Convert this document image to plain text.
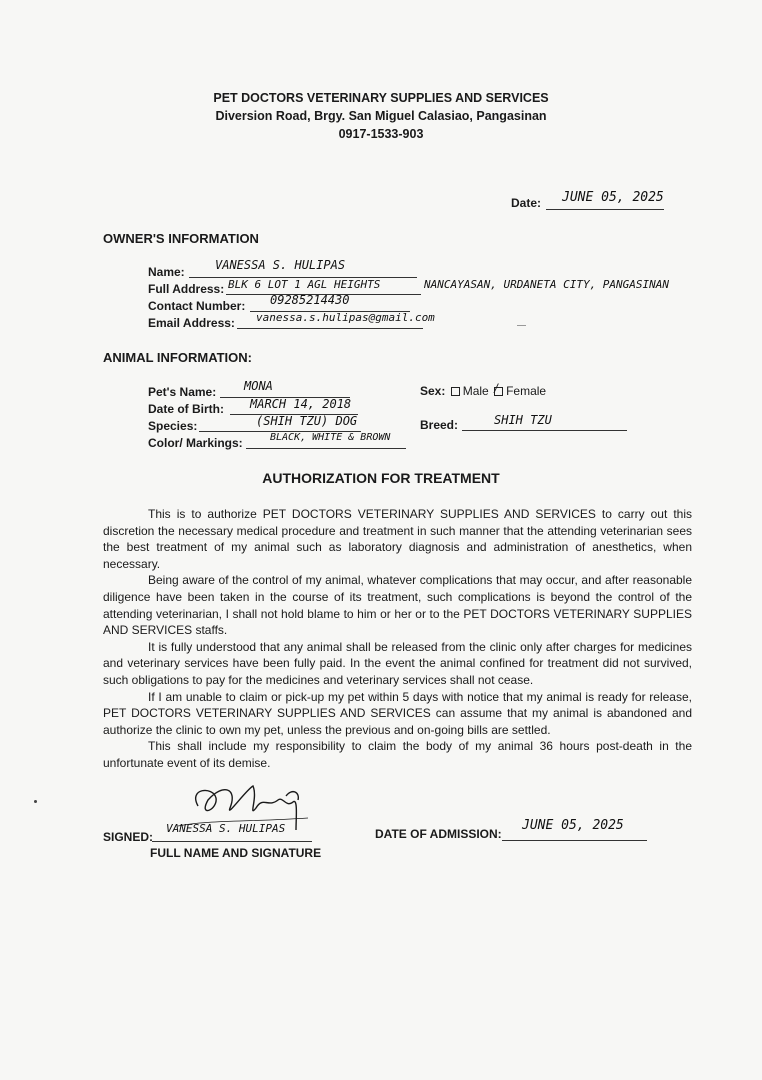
PET DOCTORS VETERINARY SUPPLIES AND SERVICES
Diversion Road, Brgy. San Miguel Calasiao, Pangasinan
0917-1533-903
Date: JUNE 05, 2025
OWNER'S INFORMATION
Name:	VANESSA S. HULIPAS
Full Address: BLK 6 LOT 1 AGL HEIGHTS	NANCAYASAN, URDANETA CITY, PANGASINAN
Contact Number: 09285214430
Email Address: vanessa.s.hulipas@gmail.com
ANIMAL INFORMATION:
Pet's Name: MONA
Date of Birth: MARCH 14, 2018
Species:	(SHIH TZU) DOG
Color/ Markings:	BLACK, WHITE & BROWN
Sex: Male / Female
Breed:	SHIH TZU
AUTHORIZATION FOR TREATMENT

This is to authorize PET DOCTORS VETERINARY SUPPLIES AND SERVICES to carry out this discretion the necessary medical procedure and treatment in such manner that the attending veterinarian sees the best treatment of my animal such as laboratory diagnosis and administration of anesthetics, when necessary.

Being aware of the control of my animal, whatever complications that may occur, and after reasonable diligence have been taken in the course of its treatment, such complications is beyond the control of the attending veterinarian, I shall not hold blame to him or her or to the PET DOCTORS VETERINARY SUPPLIES AND SERVICES staffs.

It is fully understood that any animal shall be released from the clinic only after charges for medicines and veterinary services have been fully paid. In the event the animal confined for treatment did not survived, such obligations to pay for the medicines and veterinary services shall not cease.

If I am unable to claim or pick-up my pet within 5 days with notice that my animal is ready for release, PET DOCTORS VETERINARY SUPPLIES AND SERVICES can assume that my animal is abandoned and authorize the clinic to own my pet, unless the previous and on-going bills are settled.

This shall include my responsibility to claim the body of my animal 36 hours post-death in the unfortunate event of its demise.

SIGNED:
VANESSA S. HULIPAS
FULL NAME AND SIGNATURE
DATE OF ADMISSION:
JUNE 05, 2025
